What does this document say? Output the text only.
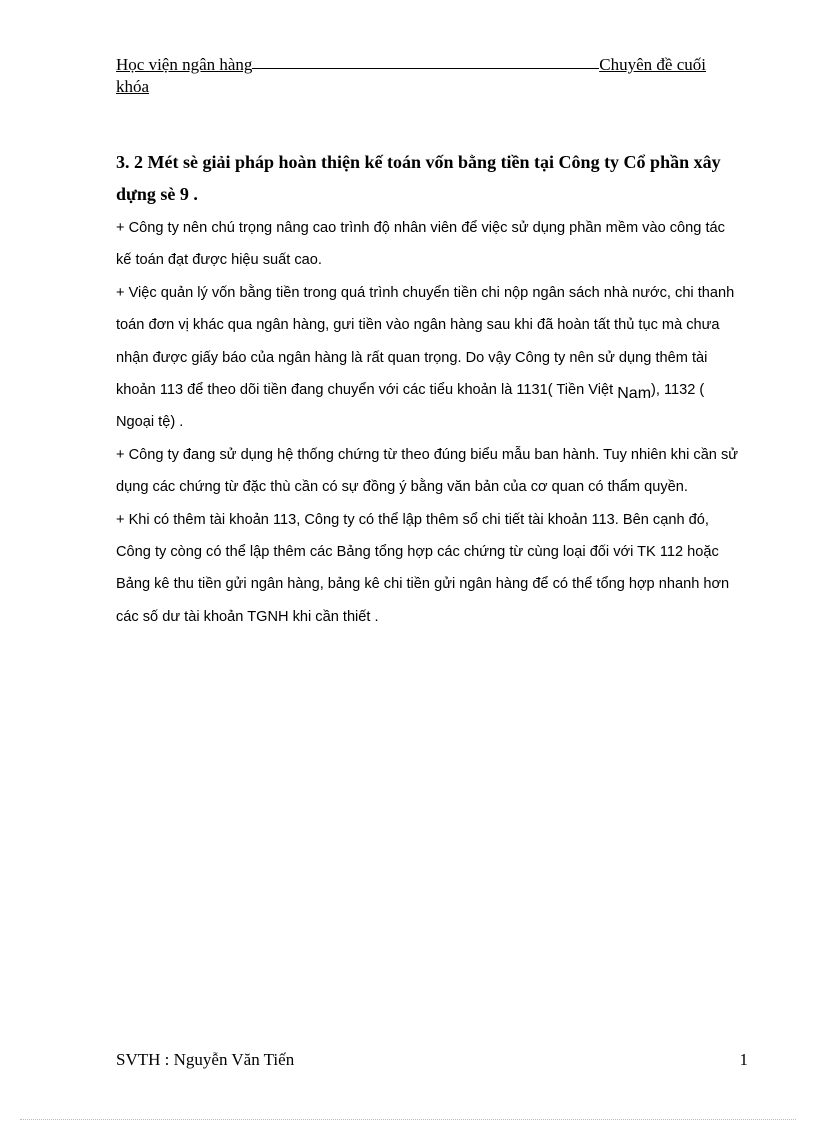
Học viện ngân hàng	Chuyên đề cuối
khóa
3. 2 Mét sè giải pháp hoàn thiện kế toán vốn bằng tiền tại Công ty Cổ phần xây dựng sè 9 .

+ Công ty nên chú trọng nâng cao trình độ nhân viên để việc sử dụng phần mềm vào công tác kế toán đạt được hiệu suất cao.

+ Việc quản lý vốn bằng tiền trong quá trình chuyển tiền chi nộp ngân sách nhà nước, chi thanh toán đơn vị khác qua ngân hàng, gưi tiền vào ngân hàng sau khi đã hoàn tất thủ tục mà chưa nhận được giấy báo của ngân hàng là rất quan trọng. Do vậy Công ty nên sử dụng thêm tài khoản 113 để theo dõi tiền đang chuyển với các tiểu khoản là 1131( Tiền Việt Nam), 1132 ( Ngoại tệ) .

+ Công ty đang sử dụng hệ thống chứng từ theo đúng biểu mẫu ban hành. Tuy nhiên khi cần sử dụng các chứng từ đặc thù cần có sự đồng ý bằng văn bản của cơ quan có thẩm quyền.

+ Khi có thêm tài khoản 113, Công ty có thể lập thêm sổ chi tiết tài khoản 113. Bên cạnh đó, Công ty còng có thể lập thêm các Bảng tổng hợp các chứng từ cùng loại đối với TK 112 hoặc Bảng kê thu tiền gửi ngân hàng, bảng kê chi tiền gửi ngân hàng để có thể tổng hợp nhanh hơn các số dư tài khoản TGNH khi cần thiết .

SVTH : Nguyễn Văn Tiến	1
